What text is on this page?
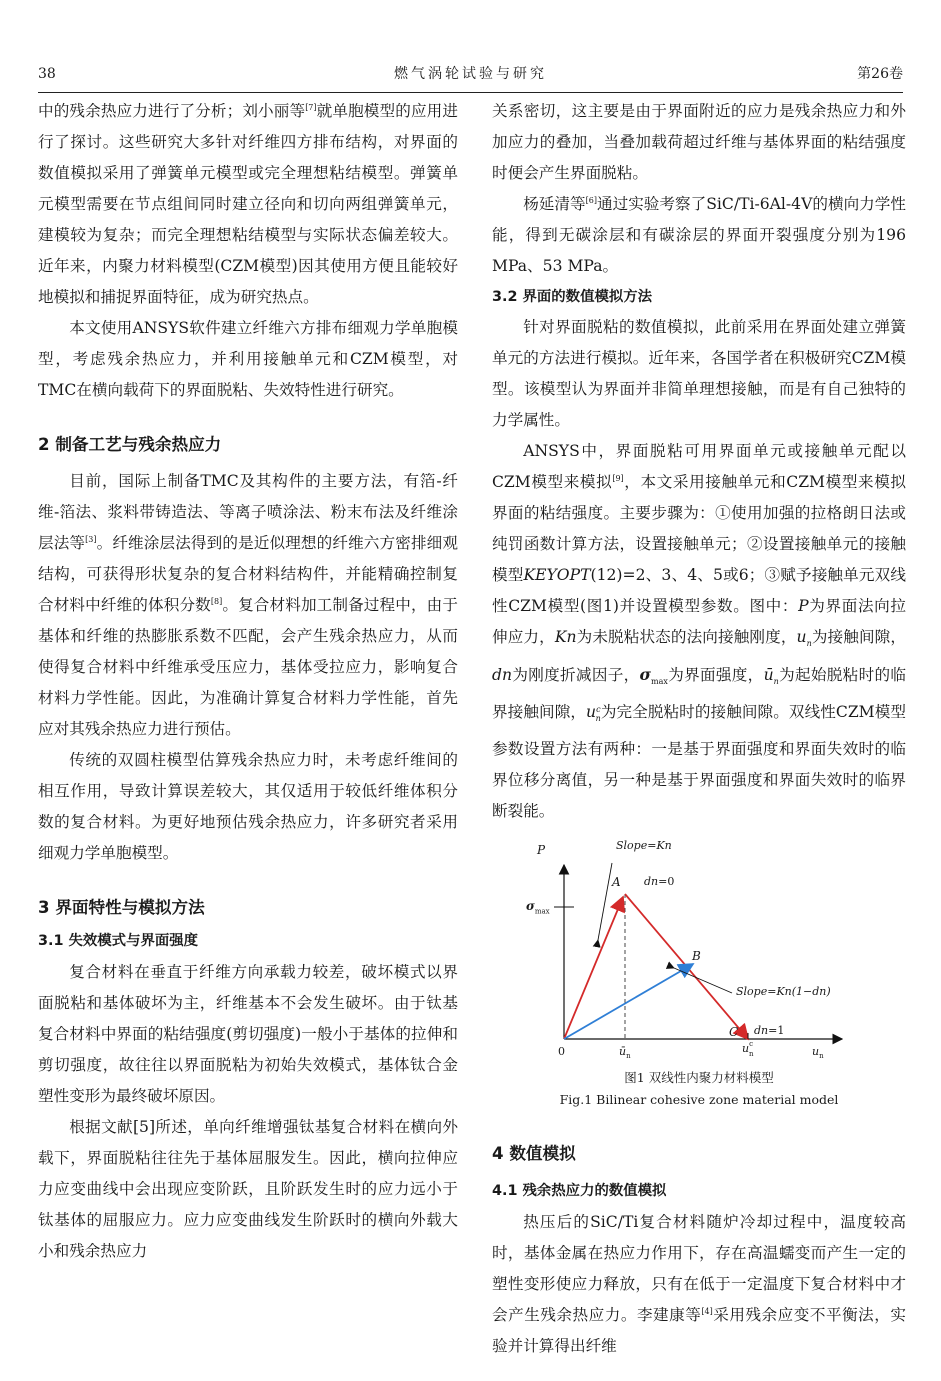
38	燃气涡轮试验与研究	第26卷

中的残余热应力进行了分析；刘小丽等[7]就单胞模型的应用进行了探讨。这些研究大多针对纤维四方排布结构，对界面的数值模拟采用了弹簧单元模型或完全理想粘结模型。弹簧单元模型需要在节点组间同时建立径向和切向两组弹簧单元，建模较为复杂；而完全理想粘结模型与实际状态偏差较大。近年来，内聚力材料模型(CZM模型)因其使用方便且能较好地模拟和捕捉界面特征，成为研究热点。

本文使用ANSYS软件建立纤维六方排布细观力学单胞模型，考虑残余热应力，并利用接触单元和CZM模型，对TMC在横向载荷下的界面脱粘、失效特性进行研究。

2 制备工艺与残余热应力

目前，国际上制备TMC及其构件的主要方法，有箔-纤维-箔法、浆料带铸造法、等离子喷涂法、粉末布法及纤维涂层法等[3]。纤维涂层法得到的是近似理想的纤维六方密排细观结构，可获得形状复杂的复合材料结构件，并能精确控制复合材料中纤维的体积分数[8]。复合材料加工制备过程中，由于基体和纤维的热膨胀系数不匹配，会产生残余热应力，从而使得复合材料中纤维承受压应力，基体受拉应力，影响复合材料力学性能。因此，为准确计算复合材料力学性能，首先应对其残余热应力进行预估。

传统的双圆柱模型估算残余热应力时，未考虑纤维间的相互作用，导致计算误差较大，其仅适用于较低纤维体积分数的复合材料。为更好地预估残余热应力，许多研究者采用细观力学单胞模型。

3 界面特性与模拟方法

3.1 失效模式与界面强度

复合材料在垂直于纤维方向承载力较差，破坏模式以界面脱粘和基体破坏为主，纤维基本不会发生破坏。由于钛基复合材料中界面的粘结强度(剪切强度)一般小于基体的拉伸和剪切强度，故往往以界面脱粘为初始失效模式，基体钛合金塑性变形为最终破坏原因。

根据文献[5]所述，单向纤维增强钛基复合材料在横向外载下，界面脱粘往往先于基体屈服发生。因此，横向拉伸应力应变曲线中会出现应变阶跃，且阶跃发生时的应力远小于钛基体的屈服应力。应力应变曲线发生阶跃时的横向外载大小和残余热应力

关系密切，这主要是由于界面附近的应力是残余热应力和外加应力的叠加，当叠加载荷超过纤维与基体界面的粘结强度时便会产生界面脱粘。

杨延清等[6]通过实验考察了SiC/Ti-6Al-4V的横向力学性能，得到无碳涂层和有碳涂层的界面开裂强度分别为196 MPa、53 MPa。

3.2 界面的数值模拟方法

针对界面脱粘的数值模拟，此前采用在界面处建立弹簧单元的方法进行模拟。近年来，各国学者在积极研究CZM模型。该模型认为界面并非简单理想接触，而是有自己独特的力学属性。

ANSYS中，界面脱粘可用界面单元或接触单元配以CZM模型来模拟[9]，本文采用接触单元和CZM模型来模拟界面的粘结强度。主要步骤为：①使用加强的拉格朗日法或纯罚函数计算方法，设置接触单元；②设置接触单元的接触模型KEYOPT(12)=2、3、4、5或6；③赋予接触单元双线性CZM模型(图1)并设置模型参数。图中：P为界面法向拉伸应力，Kn为未脱粘状态的法向接触刚度，$u_n$为接触间隙，dn为刚度折减因子，$\sigma_{max}$为界面强度，$ū_n$为起始脱粘时的临界接触间隙，$u^c_n$为完全脱粘时的接触间隙。双线性CZM模型参数设置方法有两种：一是基于界面强度和界面失效时的临界位移分离值，另一种是基于界面强度和界面失效时的临界断裂能。

P
$\sigma_{max}$
Slope=Kn
A dn=0
B
Slope=Kn(1−dn)
C dn=1
0	$ū_n$
$u^c_n$	$u_n$

图1 双线性内聚力材料模型

Fig.1 Bilinear cohesive zone material model

4 数值模拟

4.1 残余热应力的数值模拟

热压后的SiC/Ti复合材料随炉冷却过程中，温度较高时，基体金属在热应力作用下，存在高温蠕变而产生一定的塑性变形使应力释放，只有在低于一定温度下复合材料中才会产生残余热应力。李建康等[4]采用残余应变不平衡法，实验并计算得出纤维
